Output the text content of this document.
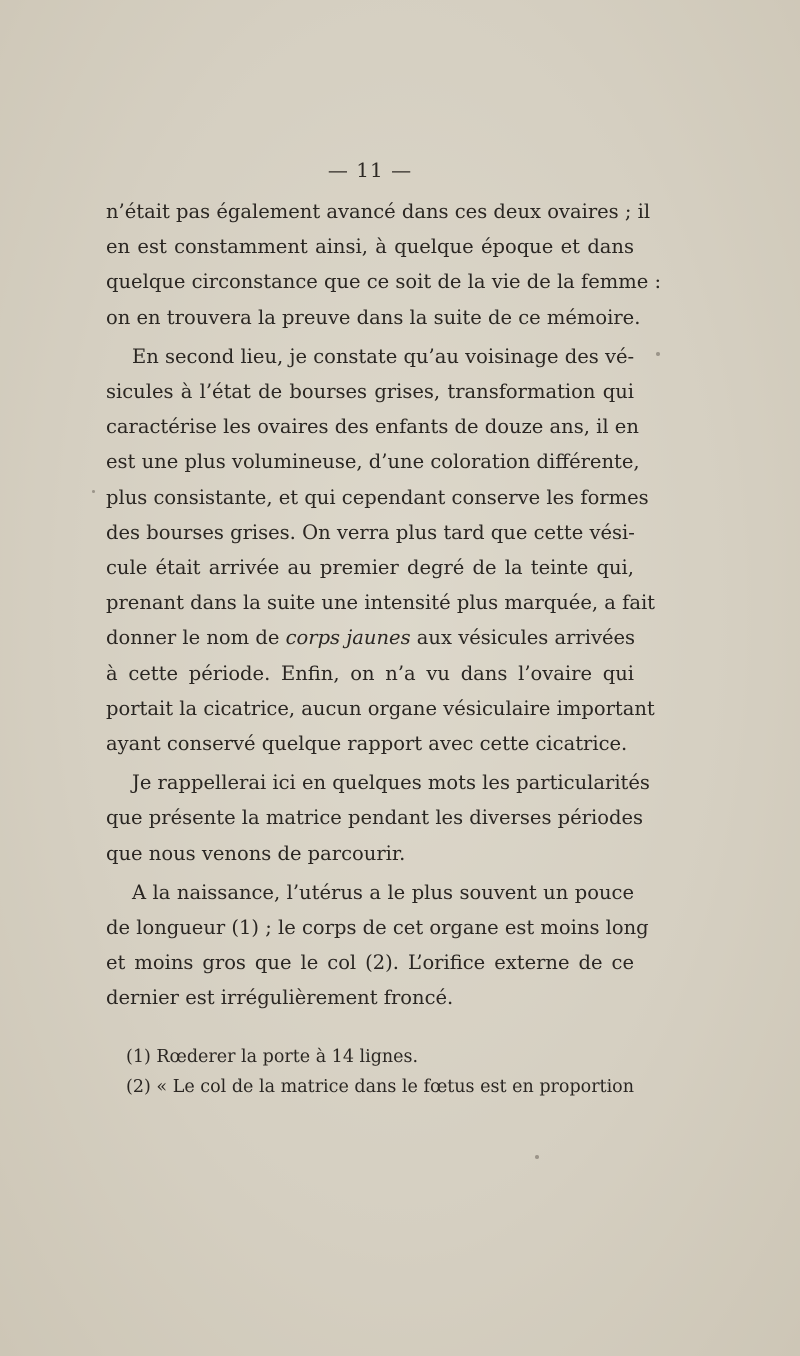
— 11 —
n’était pas également avancé dans ces deux ovaires ; il
en est constamment ainsi, à quelque époque et dans
quelque circonstance que ce soit de la vie de la femme :
on en trouvera la preuve dans la suite de ce mémoire.
En second lieu, je constate qu’au voisinage des vé-
sicules à l’état de bourses grises, transformation qui
caractérise les ovaires des enfants de douze ans, il en
est une plus volumineuse, d’une coloration différente,
plus consistante, et qui cependant conserve les formes
des bourses grises. On verra plus tard que cette vési-
cule était arrivée au premier degré de la teinte qui,
prenant dans la suite une intensité plus marquée, a fait
donner le nom de corps jaunes aux vésicules arrivées
à cette période. Enfin, on n’a vu dans l’ovaire qui
portait la cicatrice, aucun organe vésiculaire important
ayant conservé quelque rapport avec cette cicatrice.
Je rappellerai ici en quelques mots les particularités
que présente la matrice pendant les diverses périodes
que nous venons de parcourir.
A la naissance, l’utérus a le plus souvent un pouce
de longueur (1) ; le corps de cet organe est moins long
et moins gros que le col (2). L’orifice externe de ce
dernier est irrégulièrement froncé.
(1) Rœderer la porte à 14 lignes.
(2) « Le col de la matrice dans le fœtus est en proportion
